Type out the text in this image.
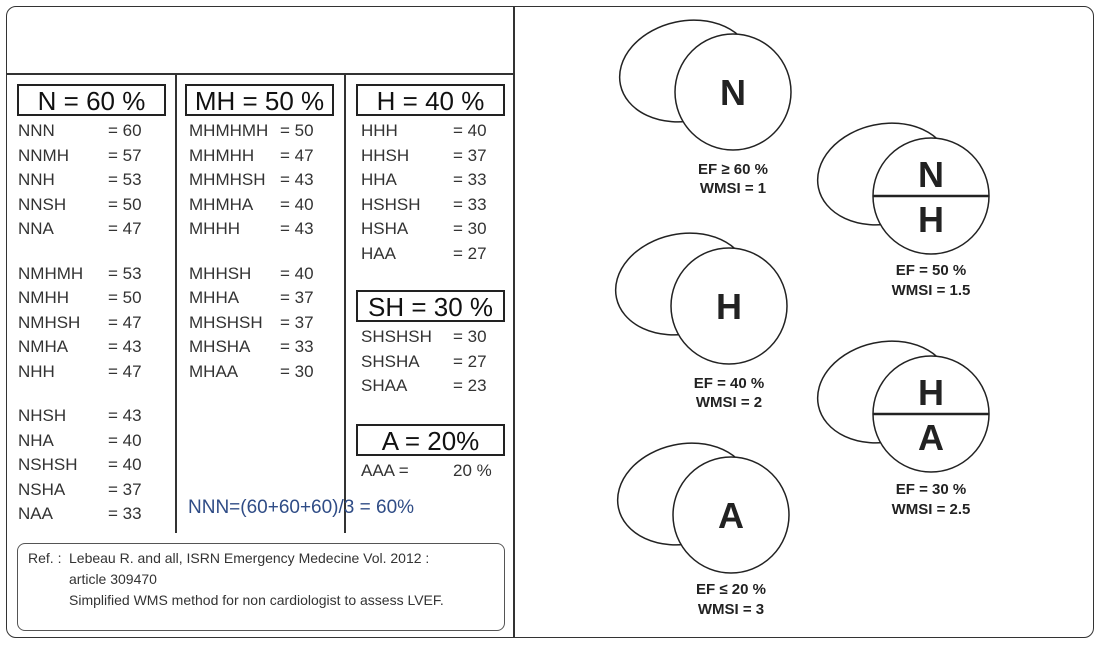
N = 60 %	MH = 50 %	H = 40 %
SH = 30 %
A = 20%
NNN	= 60
NNMH = 57
NNH	= 53
NNSH = 50
NNA	= 47
NMHMH = 53
NMHH = 50
NMHSH = 47
NMHA = 43
NHH	= 47
NHSH = 43
NHA	= 40
NSHSH = 40
NSHA	= 37
NAA	= 33
MHMHMH = 50
MHMHH = 47
MHMHSH = 43
MHMHA = 40
MHHH = 43
MHHSH = 40
MHHA = 37
MHSHSH = 37
MHSHA = 33
MHAA = 30
HHH	= 40
HHSH	= 37
HHA	= 33
HSHSH = 33
HSHA	= 30
HAA	= 27
SHSHSH = 30
SHSHA = 27
SHAA	= 23
AAA =	20 %
NNN=(60+60+60)/3 = 60%
Ref. : Lebeau R. and all, ISRN Emergency Medecine Vol. 2012 :
article 309470
Simplified WMS method for non cardiologist to assess LVEF.
N
EF ≥ 60 %
WMSI = 1	N
H
EF = 50 %
WMSI = 1.5
H
EF = 40 %
WMSI = 2	H
A
EF = 30 %
WMSI = 2.5
A
EF ≤ 20 %
WMSI = 3
